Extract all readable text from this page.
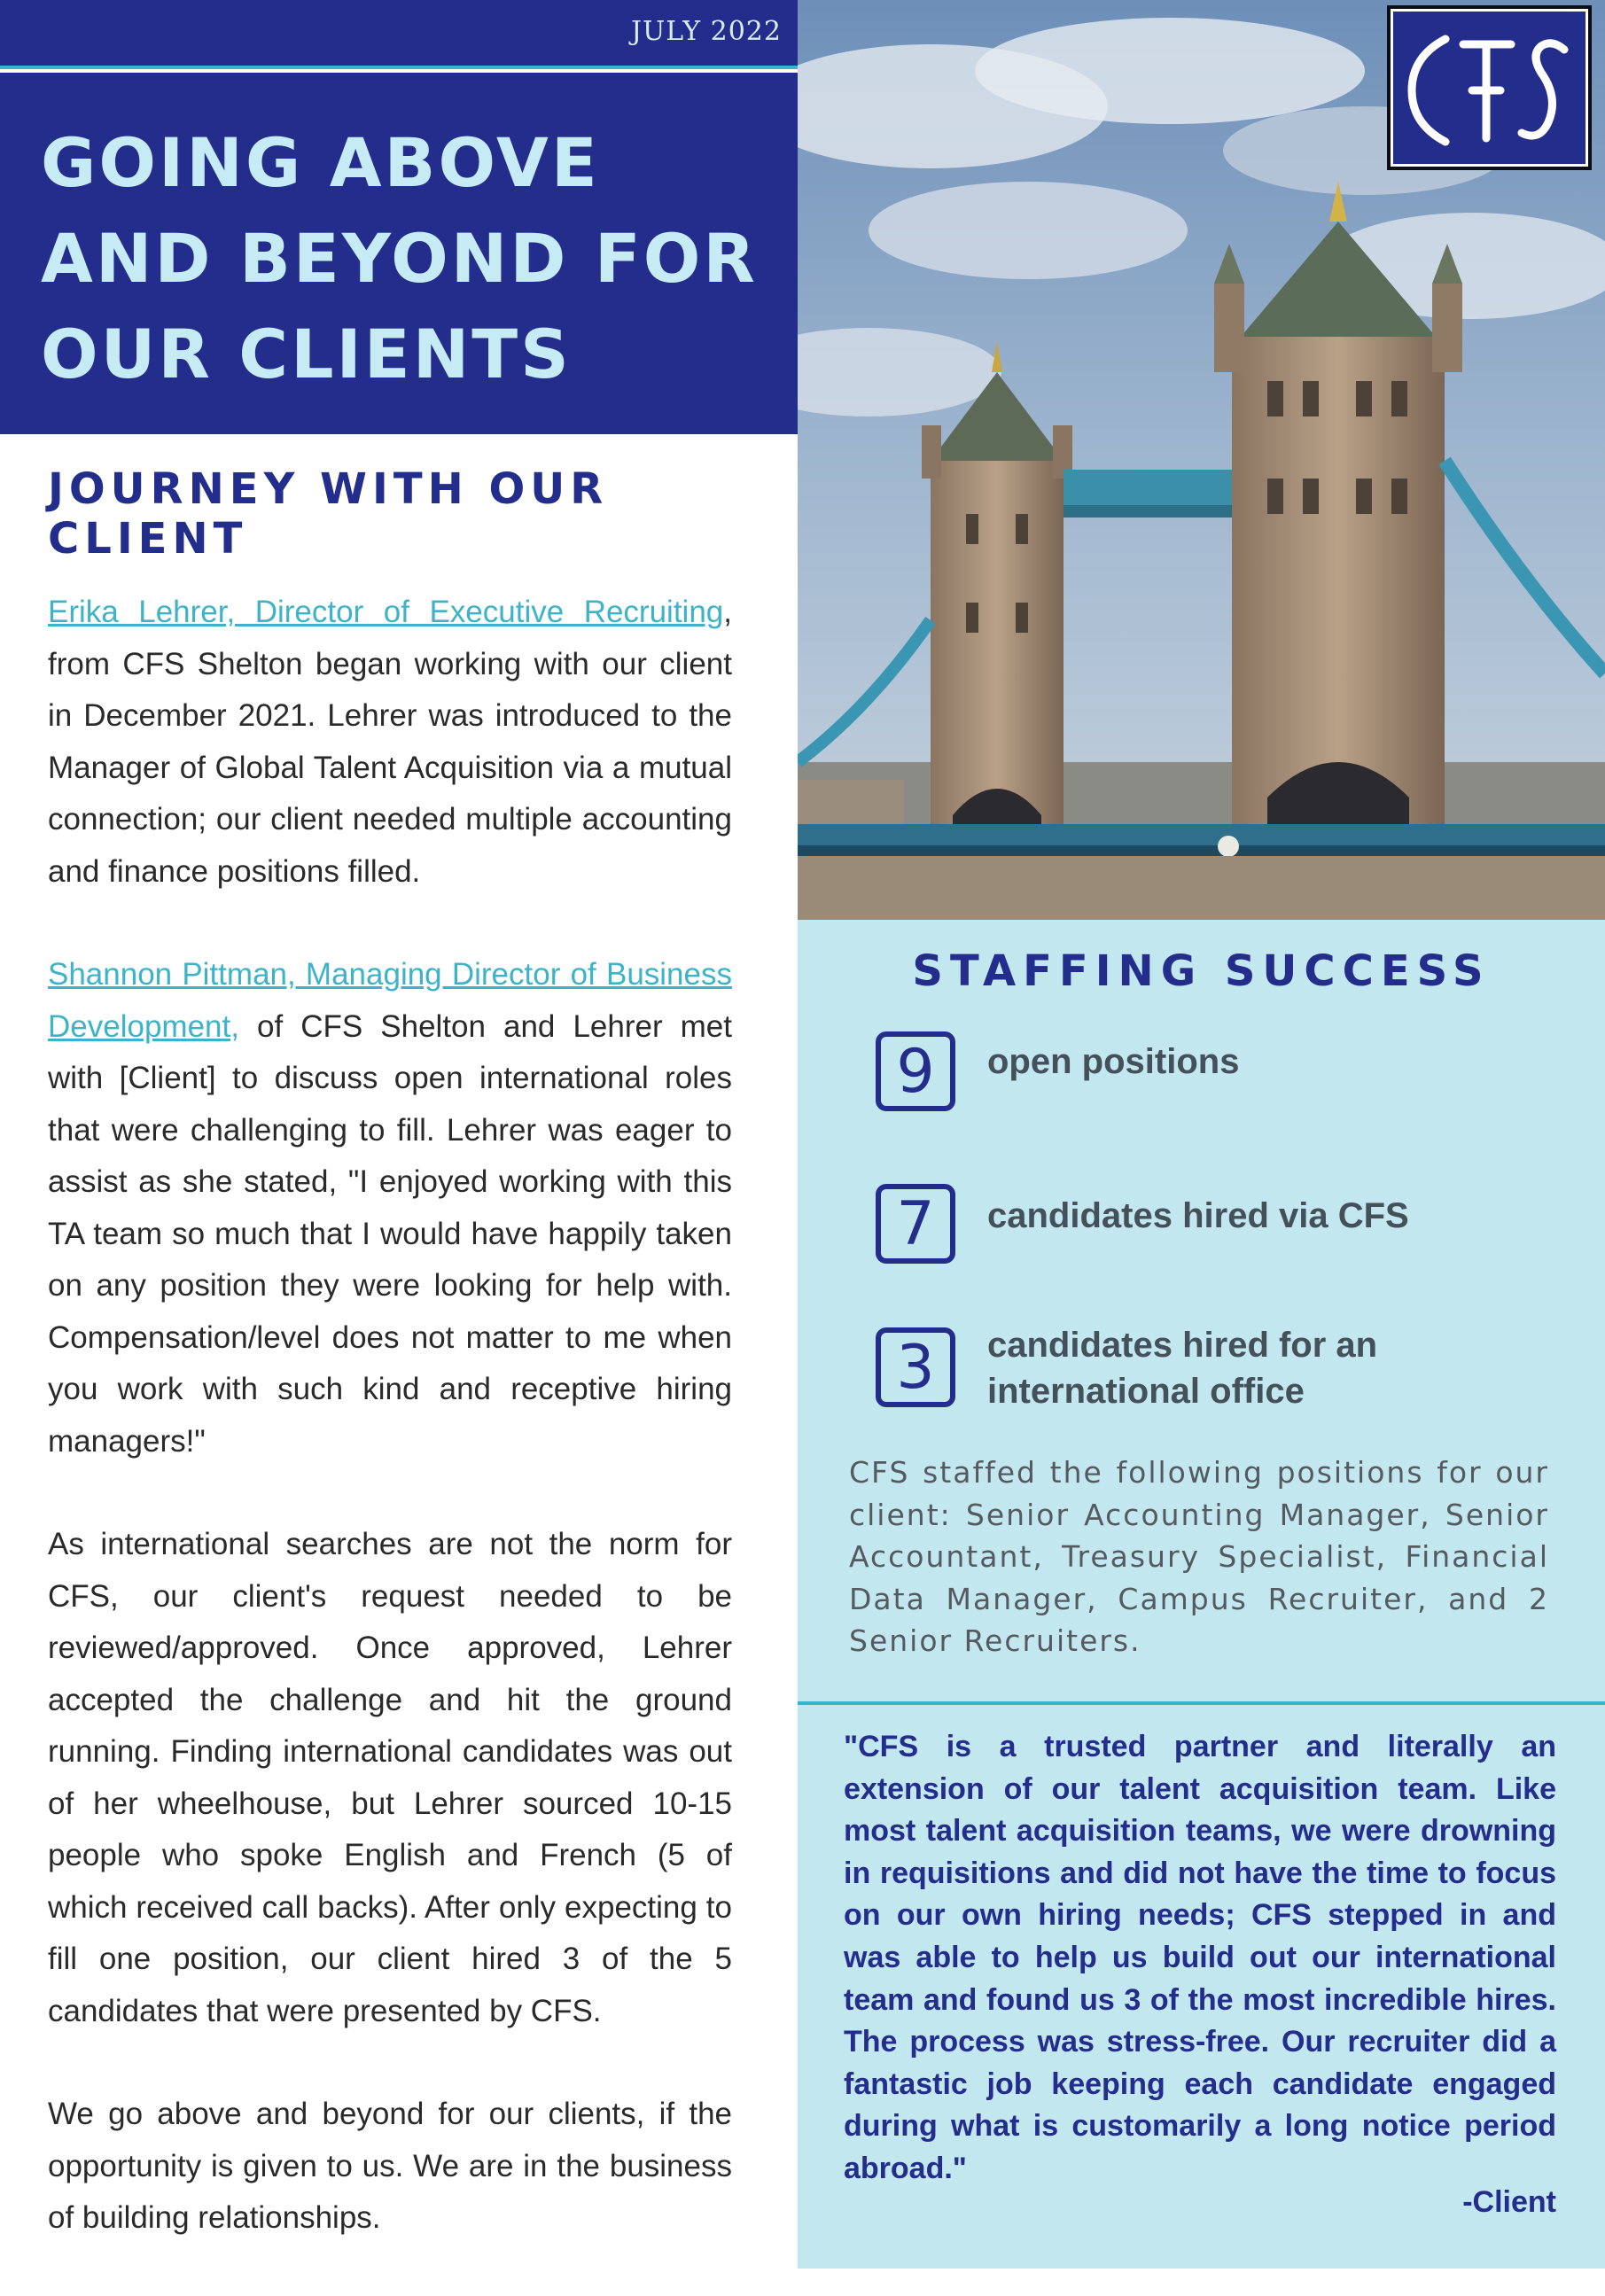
JULY 2022
GOING ABOVE AND BEYOND FOR OUR CLIENTS
JOURNEY WITH OUR CLIENT

Erika Lehrer, Director of Executive Recruiting, from CFS Shelton began working with our client in December 2021. Lehrer was introduced to the Manager of Global Talent Acquisition via a mutual connection; our client needed multiple accounting and finance positions filled.

Shannon Pittman, Managing Director of Business Development, of CFS Shelton and Lehrer met with [Client] to discuss open international roles that were challenging to fill. Lehrer was eager to assist as she stated, "I enjoyed working with this TA team so much that I would have happily taken on any position they were looking for help with. Compensation/level does not matter to me when you work with such kind and receptive hiring managers!"

As international searches are not the norm for CFS, our client's request needed to be reviewed/approved. Once approved, Lehrer accepted the challenge and hit the ground running. Finding international candidates was out of her wheelhouse, but Lehrer sourced 10-15 people who spoke English and French (5 of which received call backs). After only expecting to fill one position, our client hired 3 of the 5 candidates that were presented by CFS.

We go above and beyond for our clients, if the opportunity is given to us. We are in the business of building relationships.

STAFFING SUCCESS
9	open positions
7	candidates hired via CFS
3	candidates hired for an international office

CFS staffed the following positions for our client: Senior Accounting Manager, Senior Accountant, Treasury Specialist, Financial Data Manager, Campus Recruiter, and 2 Senior Recruiters.

"CFS is a trusted partner and literally an extension of our talent acquisition team. Like most talent acquisition teams, we were drowning in requisitions and did not have the time to focus on our own hiring needs; CFS stepped in and was able to help us build out our international team and found us 3 of the most incredible hires. The process was stress-free. Our recruiter did a fantastic job keeping each candidate engaged during what is customarily a long notice period abroad."

-Client
